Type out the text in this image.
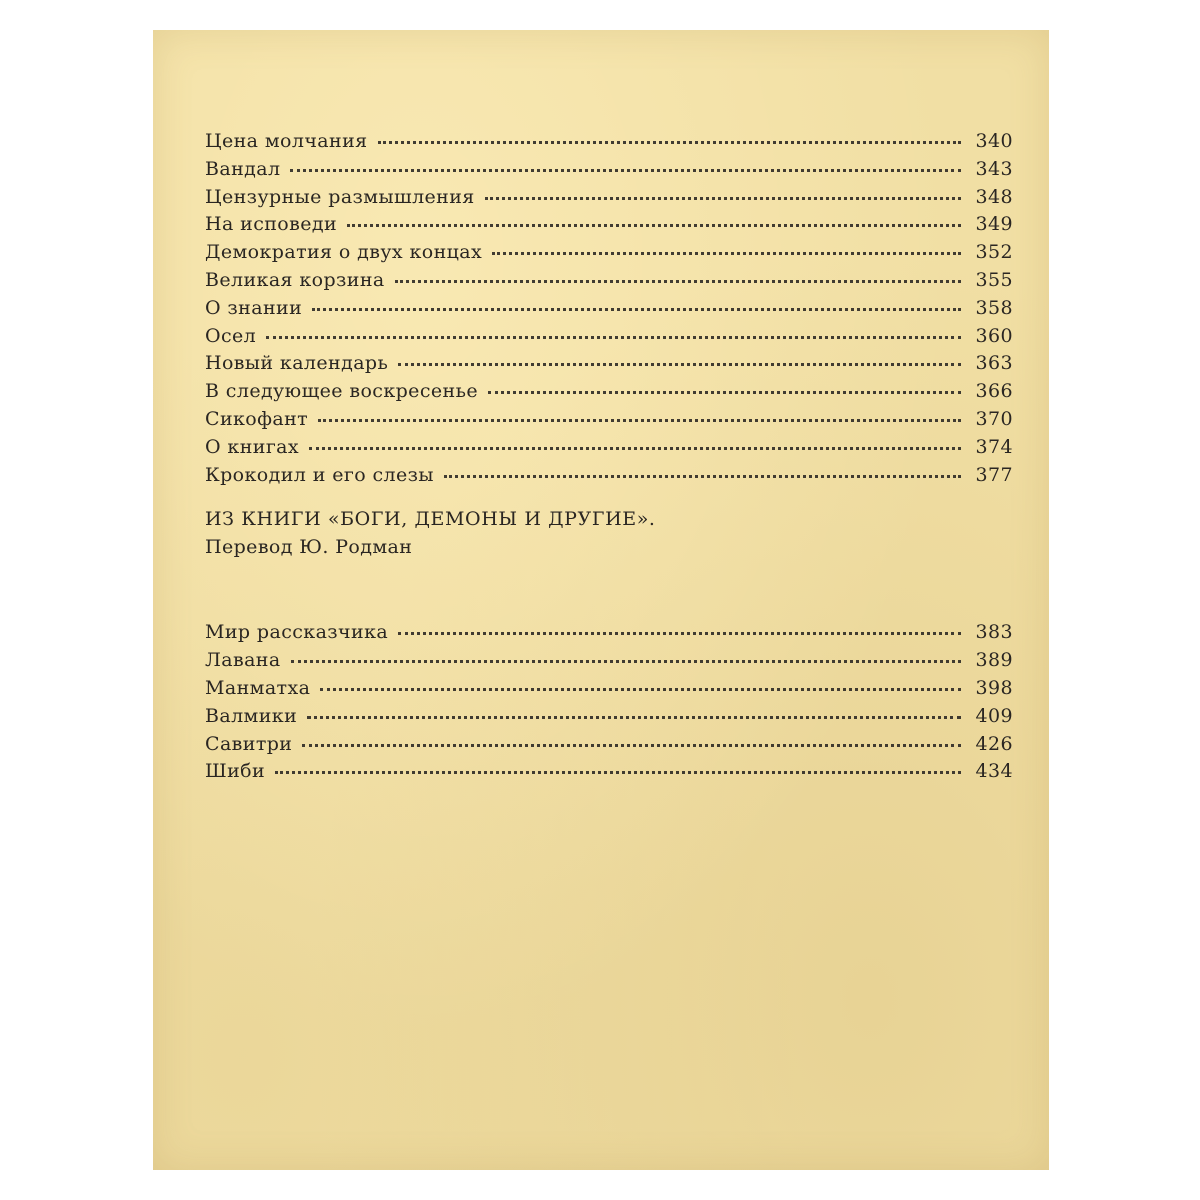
Цена молчания	340
Вандал	343
Цензурные размышления	348
На исповеди	349
Демократия о двух концах	352
Великая корзина	355
О знании	358
Осел	360
Новый календарь	363
В следующее воскресенье	366
Сикофант	370
О книгах	374
Крокодил и его слезы	377
ИЗ КНИГИ «БОГИ, ДЕМОНЫ И ДРУГИЕ».
Перевод Ю. Родман
Мир рассказчика	383
Лавана	389
Манматха	398
Валмики	409
Савитри	426
Шиби	434
